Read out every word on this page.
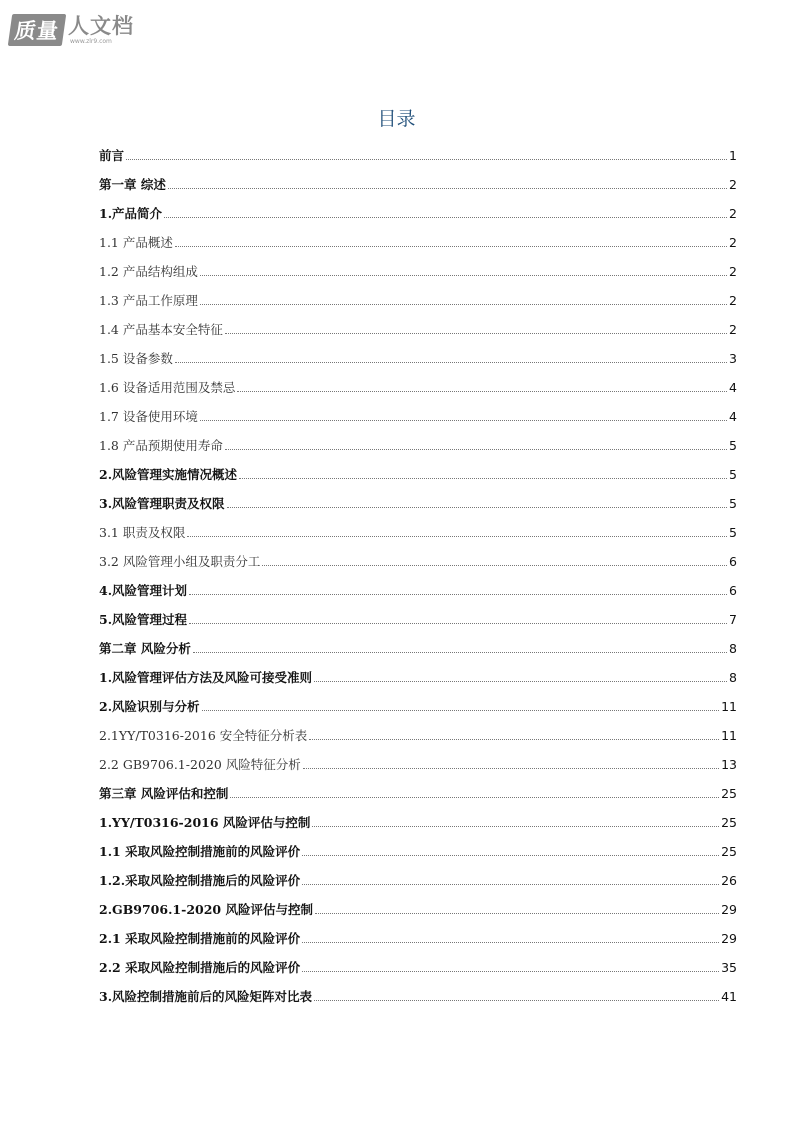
质量 人文档
www.zlr9.com
目录
前言	1
第一章 综述	2
1.产品简介	2
1.1 产品概述	2
1.2 产品结构组成	2
1.3 产品工作原理	2
1.4 产品基本安全特征	2
1.5 设备参数	3
1.6 设备适用范围及禁忌	4
1.7 设备使用环境	4
1.8 产品预期使用寿命	5
2.风险管理实施情况概述	5
3.风险管理职责及权限	5
3.1 职责及权限	5
3.2 风险管理小组及职责分工	6
4.风险管理计划	6
5.风险管理过程	7
第二章 风险分析	8
1.风险管理评估方法及风险可接受准则	8
2.风险识别与分析	11
2.1YY/T0316-2016 安全特征分析表	11
2.2 GB9706.1-2020 风险特征分析	13
第三章 风险评估和控制	25
1.YY/T0316-2016 风险评估与控制	25
1.1 采取风险控制措施前的风险评价	25
1.2.采取风险控制措施后的风险评价	26
2.GB9706.1-2020 风险评估与控制	29
2.1 采取风险控制措施前的风险评价	29
2.2 采取风险控制措施后的风险评价	35
3.风险控制措施前后的风险矩阵对比表	41
